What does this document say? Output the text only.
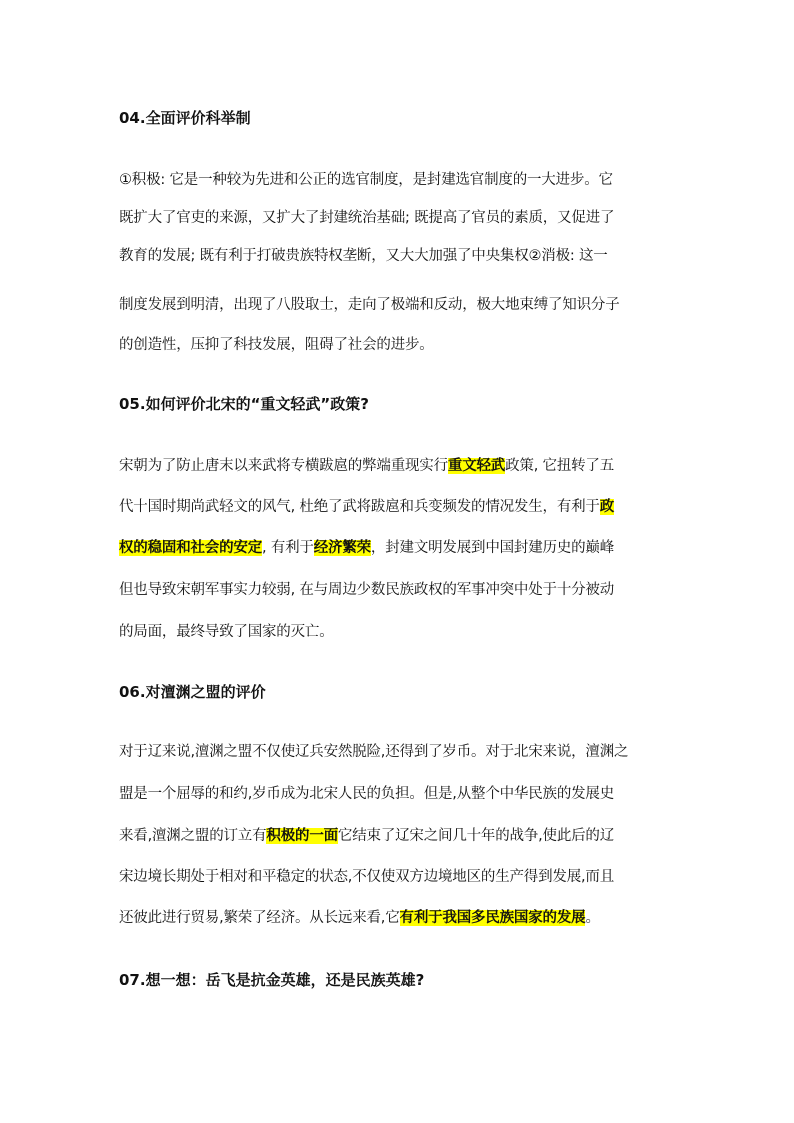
04.全面评价科举制
①积极: 它是一种较为先进和公正的选官制度，是封建选官制度的一大进步。它
既扩大了官吏的来源，又扩大了封建统治基础; 既提高了官员的素质，又促进了
教育的发展; 既有利于打破贵族特权垄断，又大大加强了中央集权②消极: 这一
制度发展到明清，出现了八股取士，走向了极端和反动，极大地束缚了知识分子
的创造性，压抑了科技发展，阻碍了社会的进步。
05.如何评价北宋的“重文轻武”政策?
宋朝为了防止唐末以来武将专横跋扈的弊端重现实行重文轻武政策, 它扭转了五
代十国时期尚武轻文的风气, 杜绝了武将跋扈和兵变频发的情况发生，有利于政
权的稳固和社会的安定, 有利于经济繁荣，封建文明发展到中国封建历史的巅峰
但也导致宋朝军事实力较弱, 在与周边少数民族政权的军事冲突中处于十分被动
的局面，最终导致了国家的灭亡。
06.对澶渊之盟的评价
对于辽来说,澶渊之盟不仅使辽兵安然脱险,还得到了岁币。对于北宋来说，澶渊之
盟是一个屈辱的和约,岁币成为北宋人民的负担。但是,从整个中华民族的发展史
来看,澶渊之盟的订立有积极的一面它结束了辽宋之间几十年的战争,使此后的辽
宋边境长期处于相对和平稳定的状态,不仅使双方边境地区的生产得到发展,而且
还彼此进行贸易,繁荣了经济。从长远来看,它有利于我国多民族国家的发展。
07.想一想：岳飞是抗金英雄，还是民族英雄?
